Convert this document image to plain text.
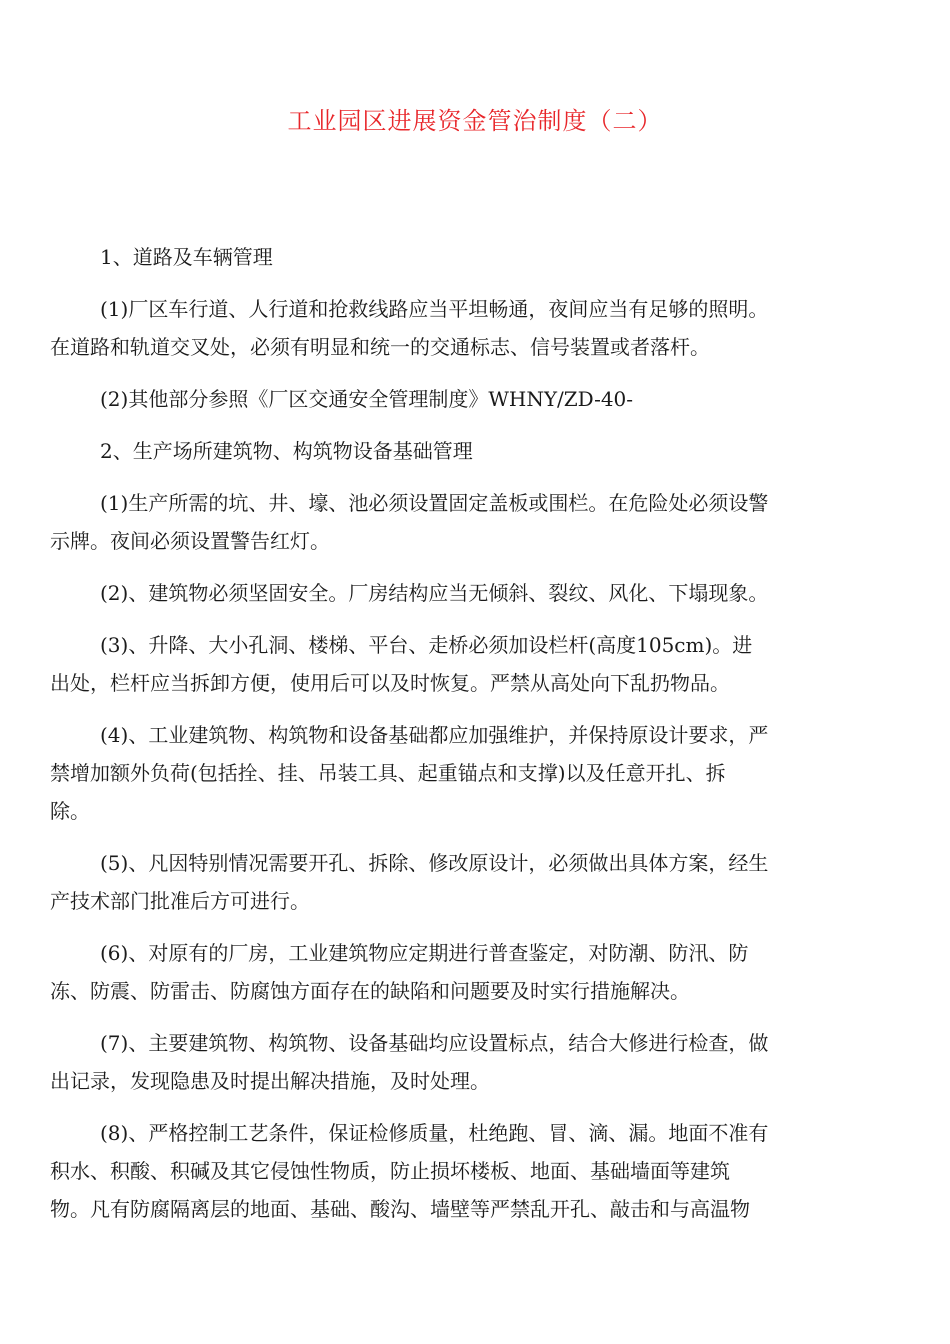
工业园区进展资金管治制度（二）

1、道路及车辆管理

(1)厂区车行道、人行道和抢救线路应当平坦畅通，夜间应当有足够的照明。
在道路和轨道交叉处，必须有明显和统一的交通标志、信号装置或者落杆。

(2)其他部分参照《厂区交通安全管理制度》WHNY/ZD-40-

2、生产场所建筑物、构筑物设备基础管理

(1)生产所需的坑、井、壕、池必须设置固定盖板或围栏。在危险处必须设警
示牌。夜间必须设置警告红灯。

(2)、建筑物必须坚固安全。厂房结构应当无倾斜、裂纹、风化、下塌现象。

(3)、升降、大小孔洞、楼梯、平台、走桥必须加设栏杆(高度105cm)。进
出处，栏杆应当拆卸方便，使用后可以及时恢复。严禁从高处向下乱扔物品。

(4)、工业建筑物、构筑物和设备基础都应加强维护，并保持原设计要求，严
禁增加额外负荷(包括拴、挂、吊装工具、起重锚点和支撑)以及任意开扎、拆
除。

(5)、凡因特别情况需要开孔、拆除、修改原设计，必须做出具体方案，经生
产技术部门批准后方可进行。

(6)、对原有的厂房，工业建筑物应定期进行普查鉴定，对防潮、防汛、防
冻、防震、防雷击、防腐蚀方面存在的缺陷和问题要及时实行措施解决。

(7)、主要建筑物、构筑物、设备基础均应设置标点，结合大修进行检查，做
出记录，发现隐患及时提出解决措施，及时处理。

(8)、严格控制工艺条件，保证检修质量，杜绝跑、冒、滴、漏。地面不准有
积水、积酸、积碱及其它侵蚀性物质，防止损坏楼板、地面、基础墙面等建筑
物。凡有防腐隔离层的地面、基础、酸沟、墙壁等严禁乱开孔、敲击和与高温物
